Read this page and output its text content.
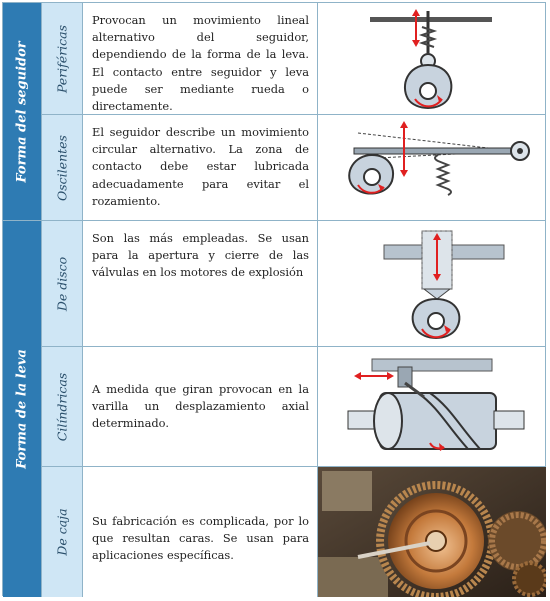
Forma del seguidor
Forma de la leva
Periféricas
Provocan un movimiento lineal alternativo del seguidor, dependiendo de la forma de la leva. El contacto entre seguidor y leva puede ser mediante rueda o directamente.
Oscilentes
El seguidor describe un movimiento circular alternativo. La zona de contacto debe estar lubricada adecuadamente para evitar el rozamiento.
De disco
Son las más empleadas. Se usan para la apertura y cierre de las válvulas en los motores de explosión
Cilíndricas	A medida que giran provocan en la varilla un desplazamiento axial determinado.
De caja	Su fabricación es complicada, por lo que resultan caras. Se usan para aplicaciones específicas.
